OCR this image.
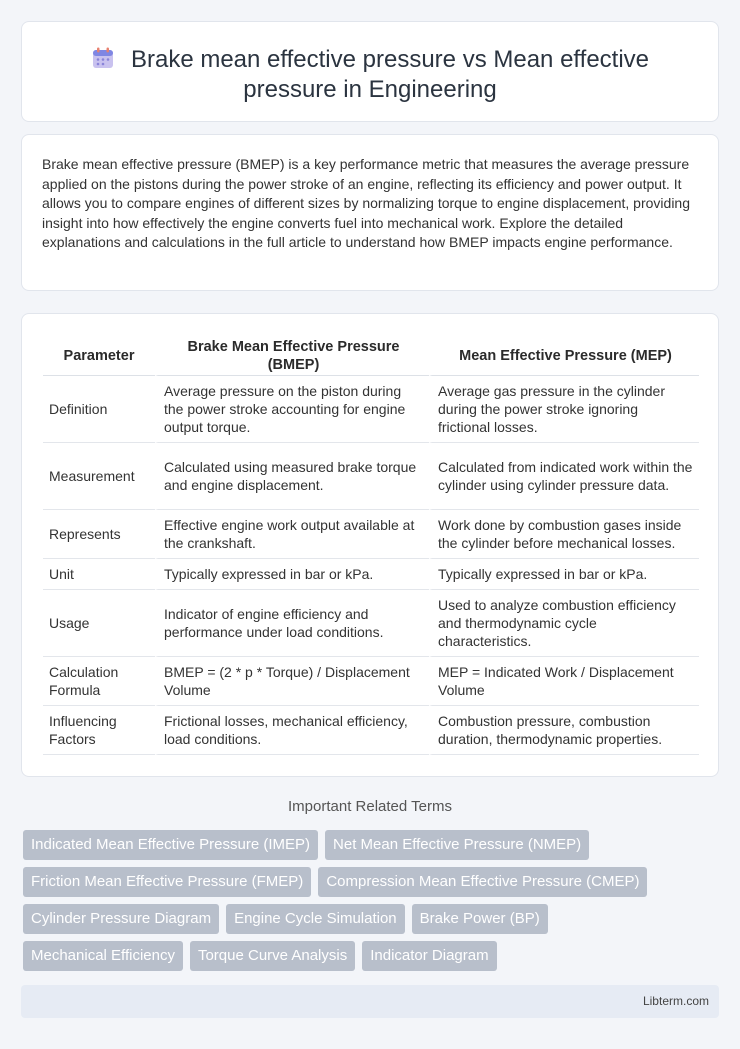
Brake mean effective pressure vs Mean effective
pressure in Engineering

Brake mean effective pressure (BMEP) is a key performance metric that measures the average pressure applied on the pistons during the power stroke of an engine, reflecting its efficiency and power output. It allows you to compare engines of different sizes by normalizing torque to engine displacement, providing insight into how effectively the engine converts fuel into mechanical work. Explore the detailed explanations and calculations in the full article to understand how BMEP impacts engine performance.

Parameter	Brake Mean Effective Pressure (BMEP)	Mean Effective Pressure (MEP)
Definition	Average pressure on the piston during the power stroke accounting for engine output torque.	Average gas pressure in the cylinder during the power stroke ignoring frictional losses.
Measurement	Calculated using measured brake torque and engine displacement.	Calculated from indicated work within the cylinder using cylinder pressure data.
Represents	Effective engine work output available at the crankshaft.	Work done by combustion gases inside the cylinder before mechanical losses.
Unit	Typically expressed in bar or kPa.	Typically expressed in bar or kPa.
Usage	Indicator of engine efficiency and performance under load conditions.	Used to analyze combustion efficiency and thermodynamic cycle characteristics.
Calculation Formula	BMEP = (2 * p * Torque) / Displacement Volume	MEP = Indicated Work / Displacement Volume
Influencing Factors	Frictional losses, mechanical efficiency, load conditions.	Combustion pressure, combustion duration, thermodynamic properties.
Important Related Terms
Indicated Mean Effective Pressure (IMEP)	Net Mean Effective Pressure (NMEP)
Friction Mean Effective Pressure (FMEP)	Compression Mean Effective Pressure (CMEP)
Cylinder Pressure Diagram	Engine Cycle Simulation	Brake Power (BP)
Mechanical Efficiency	Torque Curve Analysis	Indicator Diagram
Libterm.com
